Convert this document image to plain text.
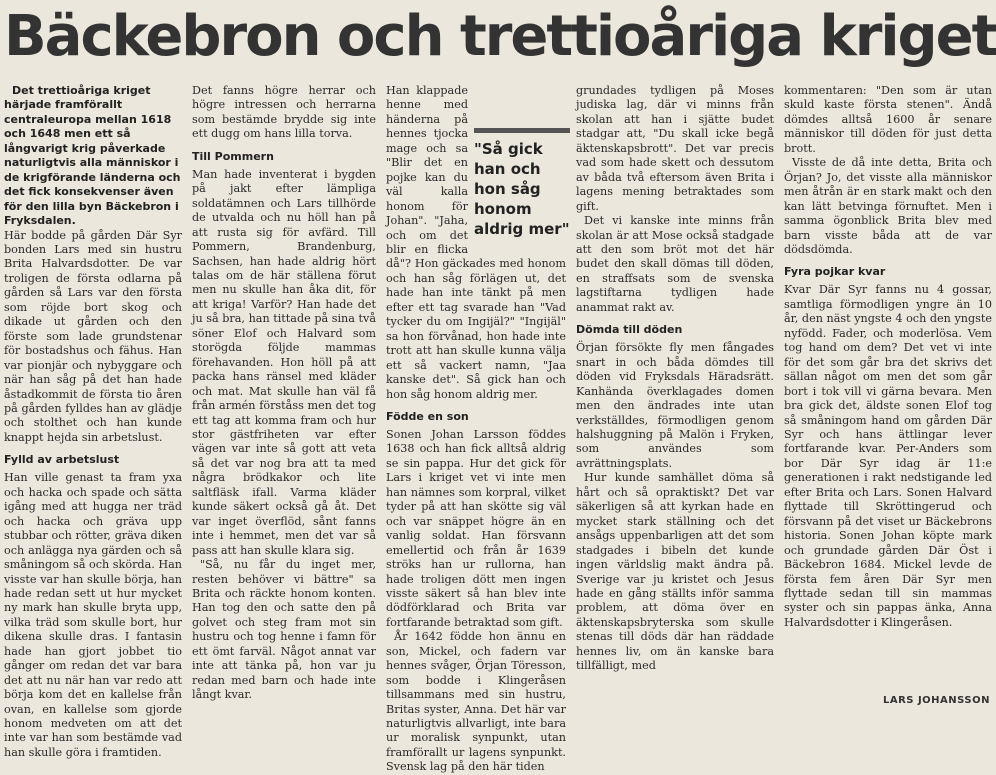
Bäckebron och trettioåriga kriget

Det trettioåriga kriget härjade framförallt centraleuropa mellan 1618 och 1648 men ett så långvarigt krig påverkade naturligtvis alla människor i de krigförande länderna och det fick konsekvenser även för den lilla byn Bäckebron i Fryksdalen.

Här bodde på gården Där Syr bonden Lars med sin hustru Brita Halvardsdotter. De var troligen de första odlarna på gården så Lars var den första som röjde bort skog och dikade ut gården och den förste som lade grundstenar för bostadshus och fähus. Han var pionjär och nybyggare och när han såg på det han hade åstadkommit de första tio åren på gården fylldes han av glädje och stolthet och han kunde knappt hejda sin arbetslust.

Fylld av arbetslust

Han ville genast ta fram yxa och hacka och spade och sätta igång med att hugga ner träd och hacka och gräva upp stubbar och rötter, gräva diken och anlägga nya gärden och så småningom så och skörda. Han visste var han skulle börja, han hade redan sett ut hur mycket ny mark han skulle bryta upp, vilka träd som skulle bort, hur dikena skulle dras. I fantasin hade han gjort jobbet tio gånger om redan det var bara det att nu när han var redo att börja kom det en kallelse från ovan, en kallelse som gjorde honom medveten om att det inte var han som bestämde vad han skulle göra i framtiden.

Det fanns högre herrar och högre intressen och herrarna som bestämde brydde sig inte ett dugg om hans lilla torva.

Till Pommern

Man hade inventerat i bygden på jakt efter lämpliga soldatämnen och Lars tillhörde de utvalda och nu höll han på att rusta sig för avfärd. Till Pommern, Brandenburg, Sachsen, han hade aldrig hört talas om de här ställena förut men nu skulle han åka dit, för att kriga! Varför? Han hade det ju så bra, han tittade på sina två söner Elof och Halvard som storögda följde mammas förehavanden. Hon höll på att packa hans ränsel med kläder och mat. Mat skulle han väl få från armén förståss men det tog ett tag att komma fram och hur stor gästfriheten var efter vägen var inte så gott att veta så det var nog bra att ta med några brödkakor och lite saltfläsk ifall. Varma kläder kunde säkert också gå åt. Det var inget överflöd, sånt fanns inte i hemmet, men det var så pass att han skulle klara sig.

"Så, nu får du inget mer, resten behöver vi bättre" sa Brita och räckte honom konten. Han tog den och satte den på golvet och steg fram mot sin hustru och tog henne i famn för ett ömt farväl. Något annat var inte att tänka på, hon var ju redan med barn och hade inte långt kvar.

"Så gick han och hon såg honom aldrig mer"

Han klappade henne med händerna på hennes tjocka mage och sa "Blir det en pojke kan du väl kalla honom för Johan". "Jaha, och om det blir en flicka då"? Hon gäckades med honom och han såg förlägen ut, det hade han inte tänkt på men efter ett tag svarade han "Vad tycker du om Ingijäl?" "Ingijäl" sa hon förvånad, hon hade inte trott att han skulle kunna välja ett så vackert namn, "Jaa kanske det". Så gick han och hon såg honom aldrig mer.

Födde en son

Sonen Johan Larsson föddes 1638 och han fick alltså aldrig se sin pappa. Hur det gick för Lars i kriget vet vi inte men han nämnes som korpral, vilket tyder på att han skötte sig väl och var snäppet högre än en vanlig soldat. Han försvann emellertid och från år 1639 ströks han ur rullorna, han hade troligen dött men ingen visste säkert så han blev inte dödförklarad och Brita var fortfarande betraktad som gift.

År 1642 födde hon ännu en son, Mickel, och fadern var hennes svåger, Örjan Töresson, som bodde i Klingeråsen tillsammans med sin hustru, Britas syster, Anna. Det här var naturligtvis allvarligt, inte bara ur moralisk synpunkt, utan framförallt ur lagens synpunkt. Svensk lag på den här tiden

grundades tydligen på Moses judiska lag, där vi minns från skolan att han i sjätte budet stadgar att, "Du skall icke begå äktenskapsbrott". Det var precis vad som hade skett och dessutom av båda två eftersom även Brita i lagens mening betraktades som gift.

Det vi kanske inte minns från skolan är att Mose också stadgade att den som bröt mot det här budet den skall dömas till döden, en straffsats som de svenska lagstiftarna tydligen hade anammat rakt av.

Dömda till döden

Örjan försökte fly men fångades snart in och båda dömdes till döden vid Fryksdals Häradsrätt. Kanhända överklagades domen men den ändrades inte utan verkställdes, förmodligen genom halshuggning på Malön i Fryken, som användes som avrättningsplats.

Hur kunde samhället döma så hårt och så opraktiskt? Det var säkerligen så att kyrkan hade en mycket stark ställning och det ansågs uppenbarligen att det som stadgades i bibeln det kunde ingen världslig makt ändra på. Sverige var ju kristet och Jesus hade en gång ställts inför samma problem, att döma över en äktenskapsbryterska som skulle stenas till döds där han räddade hennes liv, om än kanske bara tillfälligt, med

kommentaren: "Den som är utan skuld kaste första stenen". Ändå dömdes alltså 1600 år senare människor till döden för just detta brott.

Visste de då inte detta, Brita och Örjan? Jo, det visste alla människor men åtrån är en stark makt och den kan lätt betvinga förnuftet. Men i samma ögonblick Brita blev med barn visste båda att de var dödsdömda.

Fyra pojkar kvar

Kvar Där Syr fanns nu 4 gossar, samtliga förmodligen yngre än 10 år, den näst yngste 4 och den yngste nyfödd. Fader, och moderlösa. Vem tog hand om dem? Det vet vi inte för det som går bra det skrivs det sällan något om men det som går bort i tok vill vi gärna bevara. Men bra gick det, äldste sonen Elof tog så småningom hand om gården Där Syr och hans ättlingar lever fortfarande kvar. Per-Anders som bor Där Syr idag är 11:e generationen i rakt nedstigande led efter Brita och Lars. Sonen Halvard flyttade till Skröttingerud och försvann på det viset ur Bäckebrons historia. Sonen Johan köpte mark och grundade gården Där Öst i Bäckebron 1684. Mickel levde de första fem åren Där Syr men flyttade sedan till sin mammas syster och sin pappas änka, Anna Halvardsdotter i Klingeråsen.

LARS JOHANSSON
